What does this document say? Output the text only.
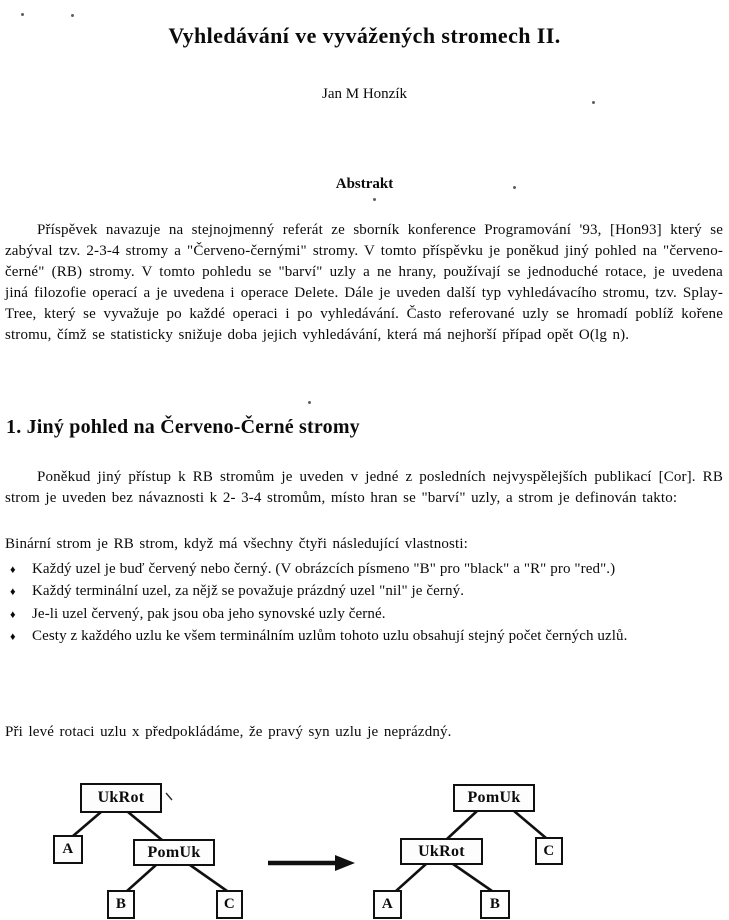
Vyhledávání ve vyvážených stromech II.
Jan M Honzík
Abstrakt

Příspěvek navazuje na stejnojmenný referát ze sborník konference Programování '93, [Hon93] který se zabýval tzv. 2-3-4 stromy a "Červeno-černými" stromy. V tomto příspěvku je poněkud jiný pohled na "červeno-černé" (RB) stromy. V tomto pohledu se "barví" uzly a ne hrany, používají se jednoduché rotace, je uvedena jiná filozofie operací a je uvedena i operace Delete. Dále je uveden další typ vyhledávacího stromu, tzv. Splay-Tree, který se vyvažuje po každé operaci i po vyhledávání. Často referované uzly se hromadí poblíž kořene stromu, čímž se statisticky snižuje doba jejich vyhledávání, která má nejhorší případ opět O(lg n).

1. Jiný pohled na Červeno-Černé stromy

Poněkud jiný přístup k RB stromům je uveden v jedné z posledních nejvyspělejších publikací [Cor]. RB strom je uveden bez návaznosti k 2- 3-4 stromům, místo hran se "barví" uzly, a strom je definován takto:

Binární strom je RB strom, když má všechny čtyři následující vlastnosti:

♦ Každý uzel je buď červený nebo černý. (V obrázcích písmeno "B" pro "black" a "R" pro "red".)
♦ Každý terminální uzel, za nějž se považuje prázdný uzel "nil" je černý.
♦ Je-li uzel červený, pak jsou oba jeho synovské uzly černé.
♦ Cesty z každého uzlu ke všem terminálním uzlům tohoto uzlu obsahují stejný počet černých uzlů.

Při levé rotaci uzlu x předpokládáme, že pravý syn uzlu je neprázdný.

UkRot
A	PomUk
B	C
PomUk
UkRot	C
A	B
